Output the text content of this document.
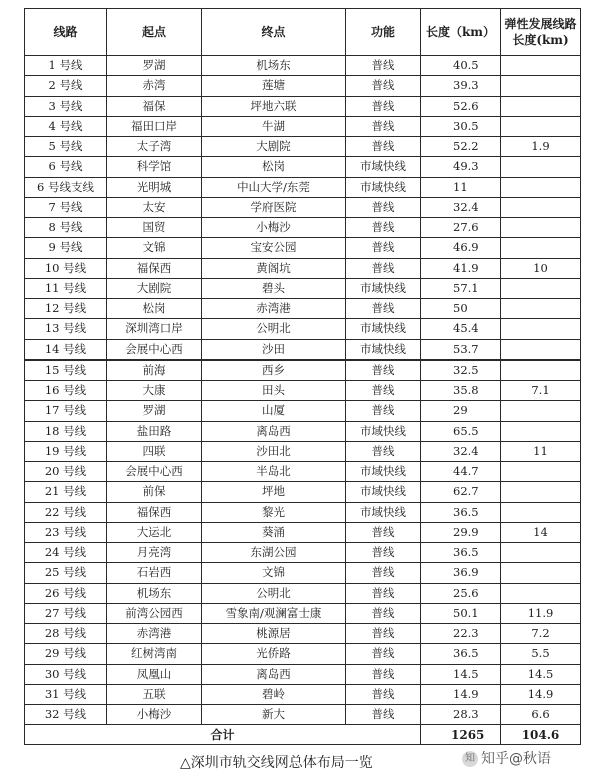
线路	起点	终点	功能	长度（km）	弹性发展线路长度(km)
1 号线	罗湖	机场东	普线	40.5	
2 号线	赤湾	莲塘	普线	39.3	
3 号线	福保	坪地六联	普线	52.6	
4 号线	福田口岸	牛湖	普线	30.5	
5 号线	太子湾	大剧院	普线	52.2	1.9
6 号线	科学馆	松岗	市域快线	49.3	
6 号线支线	光明城	中山大学/东莞	市域快线	11	
7 号线	太安	学府医院	普线	32.4	
8 号线	国贸	小梅沙	普线	27.6	
9 号线	文锦	宝安公园	普线	46.9	
10 号线	福保西	黄阁坑	普线	41.9	10
11 号线	大剧院	碧头	市域快线	57.1	
12 号线	松岗	赤湾港	普线	50	
13 号线	深圳湾口岸	公明北	市域快线	45.4	
14 号线	会展中心西	沙田	市域快线	53.7	
15 号线	前海	西乡	普线	32.5	
16 号线	大康	田头	普线	35.8	7.1
17 号线	罗湖	山厦	普线	29	
18 号线	盐田路	离岛西	市域快线	65.5	
19 号线	四联	沙田北	普线	32.4	11
20 号线	会展中心西	半岛北	市域快线	44.7	
21 号线	前保	坪地	市域快线	62.7	
22 号线	福保西	黎光	市域快线	36.5	
23 号线	大运北	葵涌	普线	29.9	14
24 号线	月亮湾	东湖公园	普线	36.5	
25 号线	石岩西	文锦	普线	36.9	
26 号线	机场东	公明北	普线	25.6	
27 号线	前湾公园西	雪象南/观澜富士康	普线	50.1	11.9
28 号线	赤湾港	桃源居	普线	22.3	7.2
29 号线	红树湾南	光侨路	普线	36.5	5.5
30 号线	凤凰山	离岛西	普线	14.5	14.5
31 号线	五联	碧岭	普线	14.9	14.9
32 号线	小梅沙	新大	普线	28.3	6.6
合计				1265	104.6
△深圳市轨交线网总体布局一览	知 知乎@秋语
